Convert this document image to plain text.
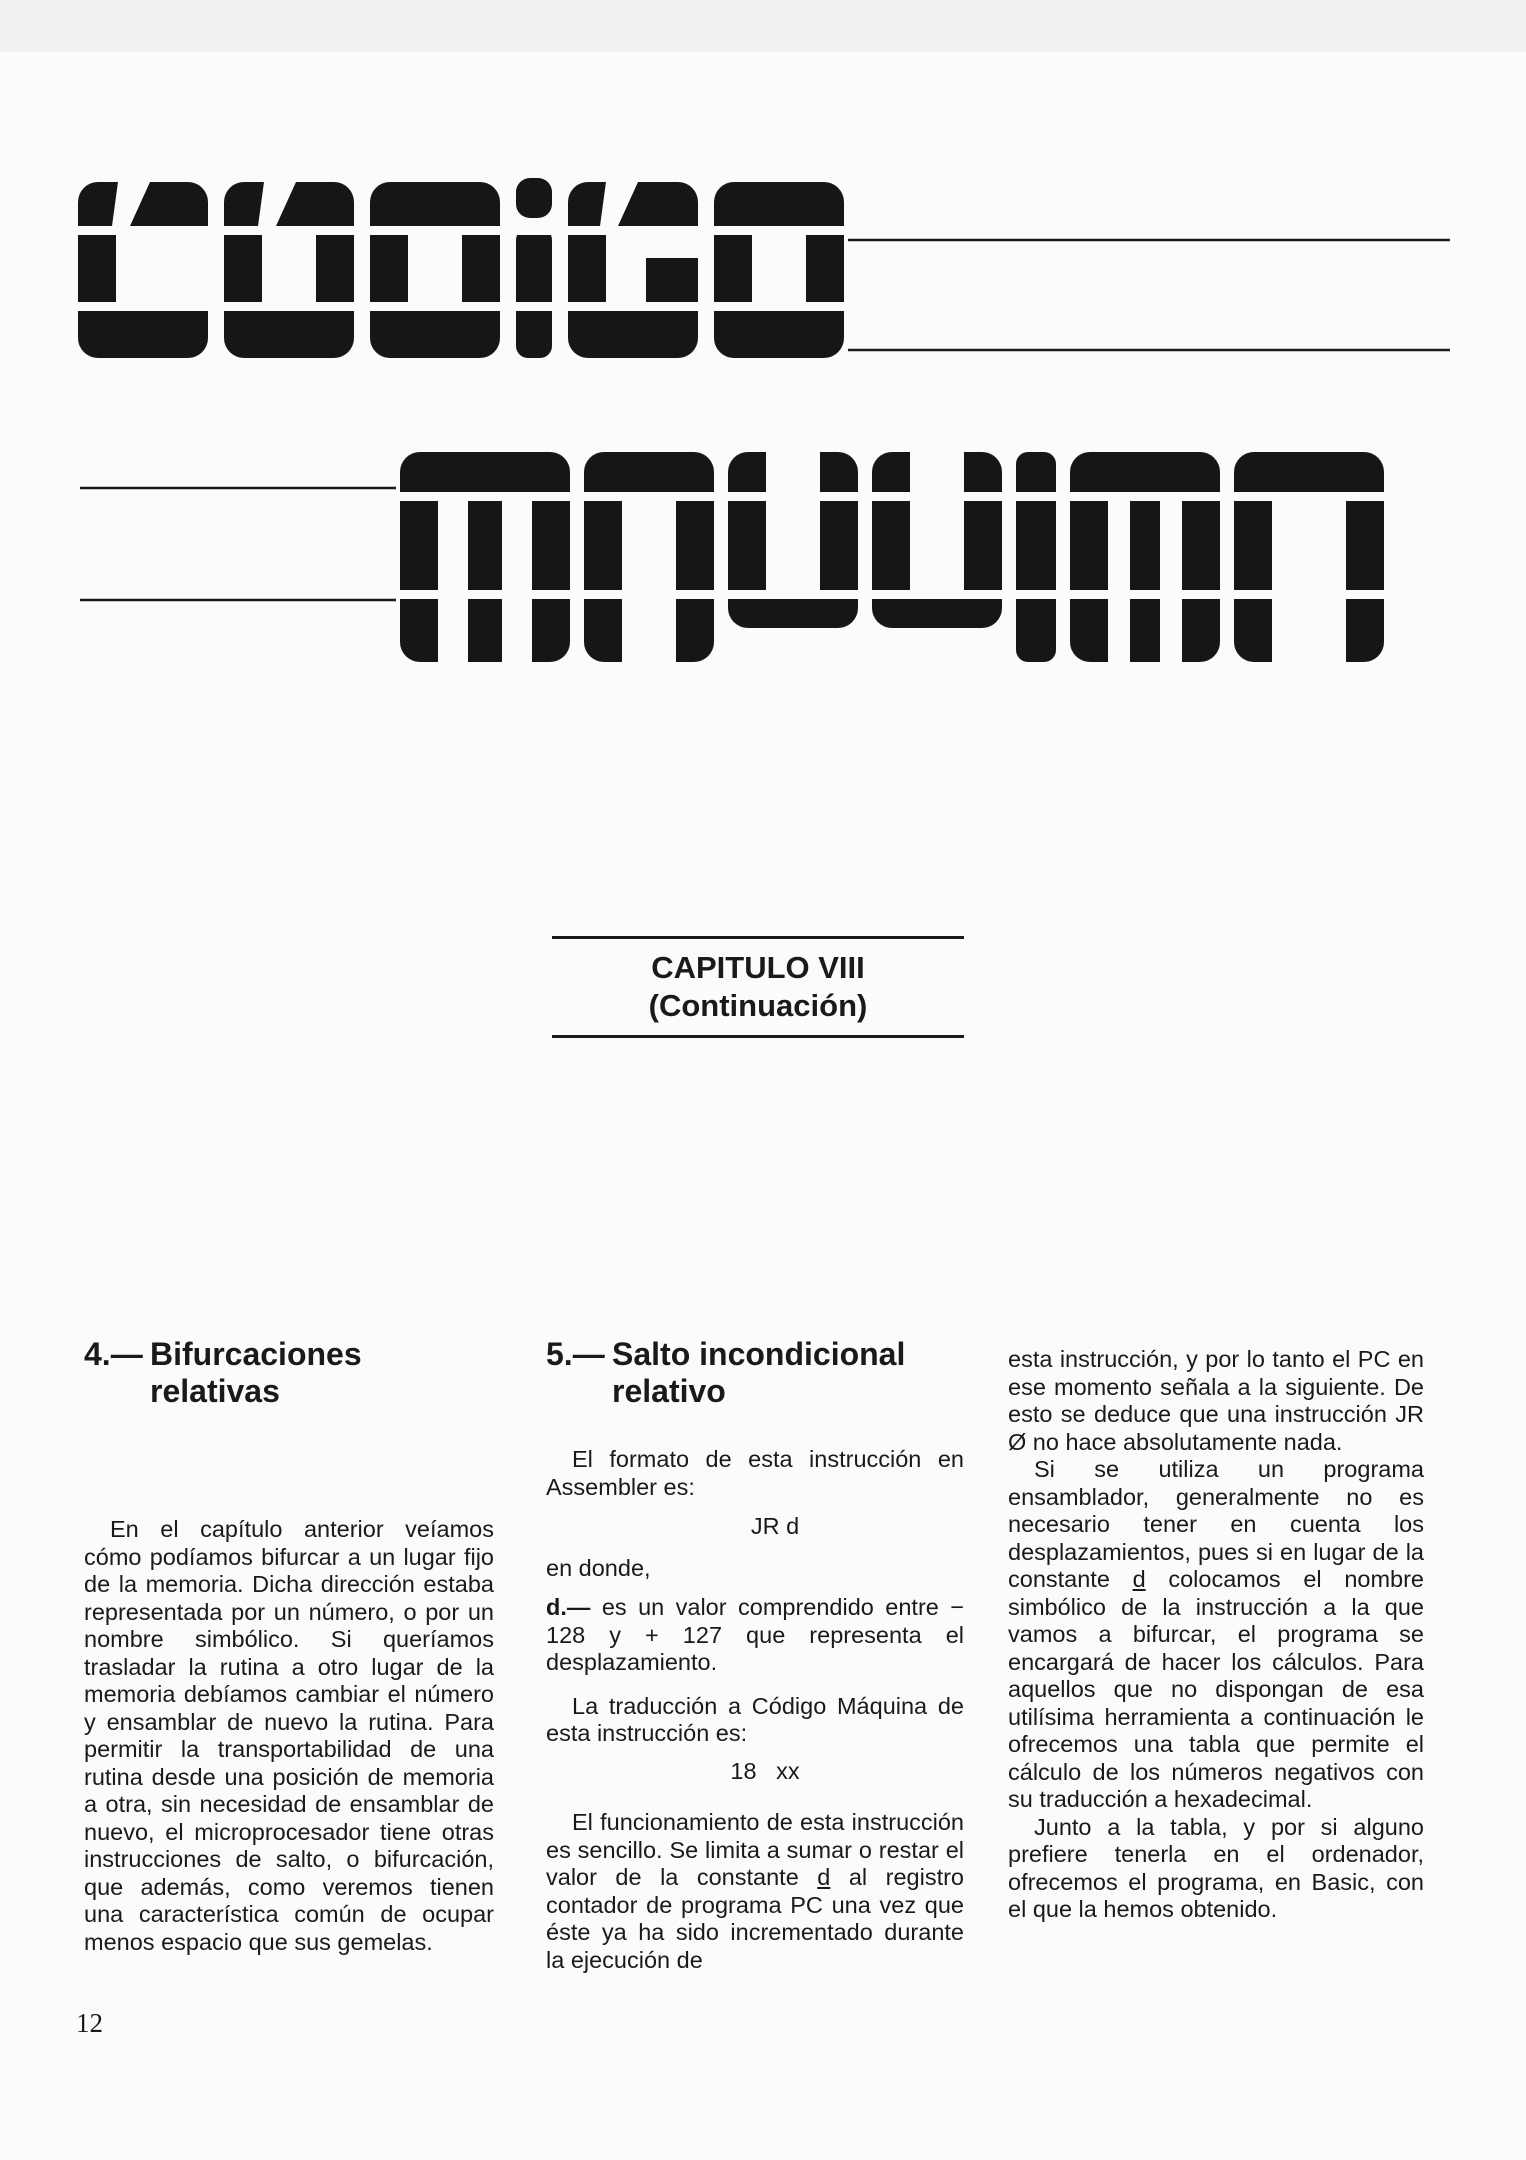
CAPITULO VIII
(Continuación)
4.— Bifurcaciones
relativas

En el capítulo anterior veíamos cómo podíamos bifurcar a un lugar fijo de la memoria. Dicha dirección estaba representada por un número, o por un nombre simbólico. Si queríamos trasladar la rutina a otro lugar de la memoria debíamos cambiar el número y ensamblar de nuevo la rutina. Para permitir la transportabilidad de una rutina desde una posición de memoria a otra, sin necesidad de ensamblar de nuevo, el microprocesador tiene otras instrucciones de salto, o bifurcación, que además, como veremos tienen una característica común de ocupar menos espacio que sus gemelas.

5.— Salto incondicional
relativo

El formato de esta instrucción en Assembler es:

JR d

en donde,

d.— es un valor comprendido entre − 128 y + 127 que representa el desplazamiento.

La traducción a Código Máquina de esta instrucción es:

18   xx

El funcionamiento de esta instrucción es sencillo. Se limita a sumar o restar el valor de la constante d al registro contador de programa PC una vez que éste ya ha sido incrementado durante la ejecución de

esta instrucción, y por lo tanto el PC en ese momento señala a la siguiente. De esto se deduce que una instrucción JR Ø no hace absolutamente nada.

Si se utiliza un programa ensamblador, generalmente no es necesario tener en cuenta los desplazamientos, pues si en lugar de la constante d colocamos el nombre simbólico de la instrucción a la que vamos a bifurcar, el programa se encargará de hacer los cálculos. Para aquellos que no dispongan de esa utilísima herramienta a continuación le ofrecemos una tabla que permite el cálculo de los números negativos con su traducción a hexadecimal.

Junto a la tabla, y por si alguno prefiere tenerla en el ordenador, ofrecemos el programa, en Basic, con el que la hemos obtenido.

12
